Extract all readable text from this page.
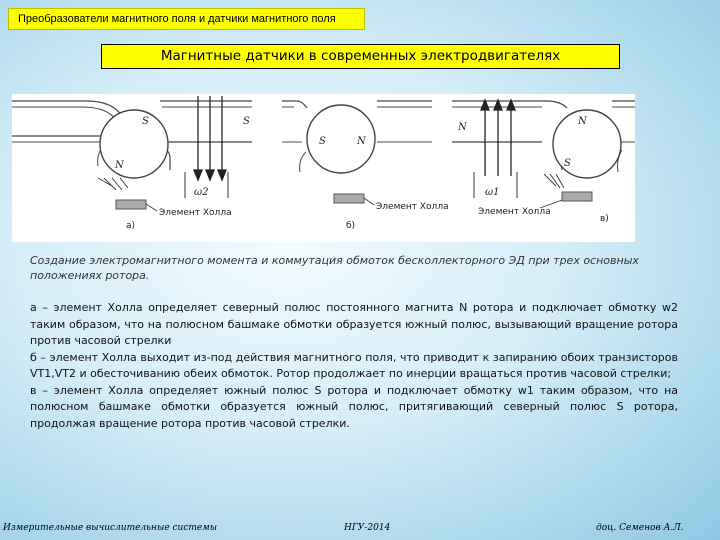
Преобразователи магнитного поля и датчики магнитного поля
Магнитные датчики в современных электродвигателях
S
N
S
ω2
Элемент Холла
a)
S	N
Элемент Холла
б)
N
S
N
ω1
Элемент Холла
в)
Создание электромагнитного момента и коммутация обмоток бесколлекторного ЭД при трех основных положениях ротора.

а – элемент Холла определяет северный полюс постоянного магнита N ротора и подключает обмотку w2 таким образом, что на полюсном башмаке обмотки образуется южный полюс, вызывающий вращение ротора против часовой стрелки

б – элемент Холла выходит из-под действия магнитного поля, что приводит к запиранию обоих транзисторов VT1,VT2 и обесточиванию обеих обмоток. Ротор продолжает по инерции вращаться против часовой стрелки;

в – элемент Холла определяет южный полюс S ротора и подключает обмотку w1 таким образом, что на полюсном башмаке обмотки образуется южный полюс, притягивающий северный полюс S ротора, продолжая вращение ротора против часовой стрелки.

Измерительные вычислительные системы	НГУ-2014	доц. Семенов А.Л.
